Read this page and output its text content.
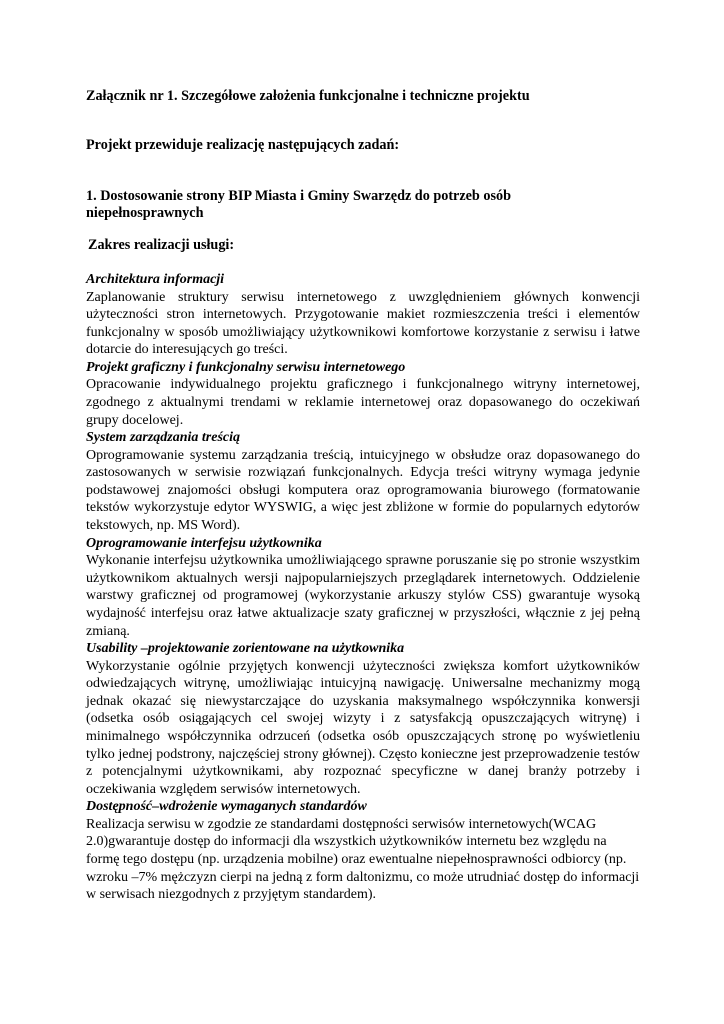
Załącznik nr 1. Szczegółowe założenia funkcjonalne i techniczne projektu

Projekt przewiduje realizację następujących zadań:

1. Dostosowanie strony BIP Miasta i Gminy Swarzędz do potrzeb osób niepełnosprawnych

Zakres realizacji usługi:

Architektura informacji

Zaplanowanie struktury serwisu internetowego z uwzględnieniem głównych konwencji użyteczności stron internetowych. Przygotowanie makiet rozmieszczenia treści i elementów funkcjonalny w sposób umożliwiający użytkownikowi komfortowe korzystanie z serwisu i łatwe dotarcie do interesujących go treści.

Projekt graficzny i funkcjonalny serwisu internetowego

Opracowanie indywidualnego projektu graficznego i funkcjonalnego witryny internetowej, zgodnego z aktualnymi trendami w reklamie internetowej oraz dopasowanego do oczekiwań grupy docelowej.

System zarządzania treścią

Oprogramowanie systemu zarządzania treścią, intuicyjnego w obsłudze oraz dopasowanego do zastosowanych w serwisie rozwiązań funkcjonalnych. Edycja treści witryny wymaga jedynie podstawowej znajomości obsługi komputera oraz oprogramowania biurowego (formatowanie tekstów wykorzystuje edytor WYSWIG, a więc jest zbliżone w formie do popularnych edytorów tekstowych, np. MS Word).

Oprogramowanie interfejsu użytkownika

Wykonanie interfejsu użytkownika umożliwiającego sprawne poruszanie się po stronie wszystkim użytkownikom aktualnych wersji najpopularniejszych przeglądarek internetowych. Oddzielenie warstwy graficznej od programowej (wykorzystanie arkuszy stylów CSS) gwarantuje wysoką wydajność interfejsu oraz łatwe aktualizacje szaty graficznej w przyszłości, włącznie z jej pełną zmianą.

Usability –projektowanie zorientowane na użytkownika

Wykorzystanie ogólnie przyjętych konwencji użyteczności zwiększa komfort użytkowników odwiedzających witrynę, umożliwiając intuicyjną nawigację. Uniwersalne mechanizmy mogą jednak okazać się niewystarczające do uzyskania maksymalnego współczynnika konwersji (odsetka osób osiągających cel swojej wizyty i z satysfakcją opuszczających witrynę) i minimalnego współczynnika odrzuceń (odsetka osób opuszczających stronę po wyświetleniu tylko jednej podstrony, najczęściej strony głównej). Często konieczne jest przeprowadzenie testów z potencjalnymi użytkownikami, aby rozpoznać specyficzne w danej branży potrzeby i oczekiwania względem serwisów internetowych.

Dostępność–wdrożenie wymaganych standardów

Realizacja serwisu w zgodzie ze standardami dostępności serwisów internetowych(WCAG 2.0)gwarantuje dostęp do informacji dla wszystkich użytkowników internetu bez względu na formę tego dostępu (np. urządzenia mobilne) oraz ewentualne niepełnosprawności odbiorcy (np. wzroku –7% mężczyzn cierpi na jedną z form daltonizmu, co może utrudniać dostęp do informacji w serwisach niezgodnych z przyjętym standardem).
